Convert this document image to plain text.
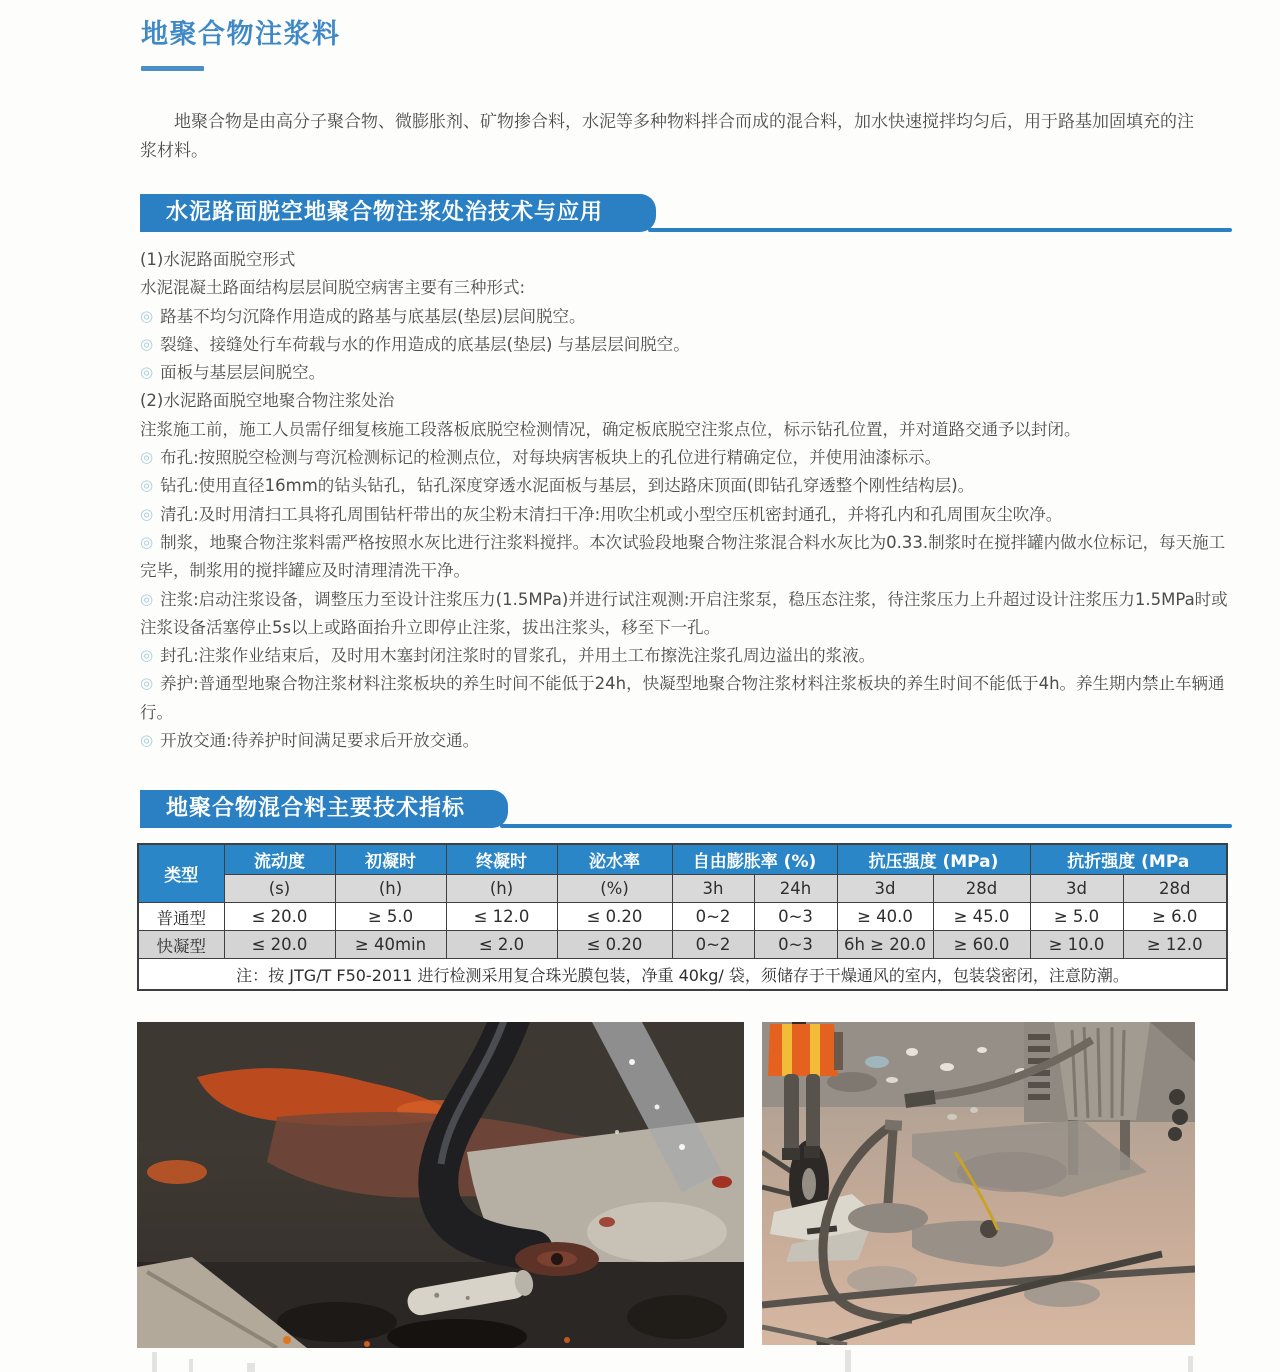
地聚合物注浆料
地聚合物是由高分子聚合物、微膨胀剂、矿物掺合料，水泥等多种物料拌合而成的混合料，加水快速搅拌均匀后，用于路基加固填充的注浆材料。
水泥路面脱空地聚合物注浆处治技术与应用
(1)水泥路面脱空形式
水泥混凝土路面结构层层间脱空病害主要有三种形式:
◎ 路基不均匀沉降作用造成的路基与底基层(垫层)层间脱空。
◎ 裂缝、接缝处行车荷载与水的作用造成的底基层(垫层) 与基层层间脱空。
◎ 面板与基层层间脱空。
(2)水泥路面脱空地聚合物注浆处治
注浆施工前，施工人员需仔细复核施工段落板底脱空检测情况，确定板底脱空注浆点位，标示钻孔位置，并对道路交通予以封闭。
◎ 布孔:按照脱空检测与弯沉检测标记的检测点位，对每块病害板块上的孔位进行精确定位，并使用油漆标示。
◎ 钻孔:使用直径16mm的钻头钻孔，钻孔深度穿透水泥面板与基层，到达路床顶面(即钻孔穿透整个刚性结构层)。
◎ 清孔:及时用清扫工具将孔周围钻杆带出的灰尘粉末清扫干净:用吹尘机或小型空压机密封通孔，并将孔内和孔周围灰尘吹净。
◎ 制浆，地聚合物注浆料需严格按照水灰比进行注浆料搅拌。本次试验段地聚合物注浆混合料水灰比为0.33.制浆时在搅拌罐内做水位标记，每天施工完毕，制浆用的搅拌罐应及时清理清洗干净。
◎ 注浆:启动注浆设备，调整压力至设计注浆压力(1.5MPa)并进行试注观测:开启注浆泵，稳压态注浆，待注浆压力上升超过设计注浆压力1.5MPa时或注浆设备活塞停止5s以上或路面抬升立即停止注浆，拔出注浆头，移至下一孔。
◎ 封孔:注浆作业结束后，及时用木塞封闭注浆时的冒浆孔，并用土工布擦洗注浆孔周边溢出的浆液。
◎ 养护:普通型地聚合物注浆材料注浆板块的养生时间不能低于24h，快凝型地聚合物注浆材料注浆板块的养生时间不能低于4h。养生期内禁止车辆通行。
◎ 开放交通:待养护时间满足要求后开放交通。
地聚合物混合料主要技术指标
类型	流动度	初凝时	终凝时	泌水率	自由膨胀率 (%)		抗压强度 (MPa)		抗折强度 (MPa	
	(s)	(h)	(h)	(%)	3h	24h	3d	28d	3d	28d
普通型	≤ 20.0	≥ 5.0	≤ 12.0	≤ 0.20	0~2	0~3	≥ 40.0	≥ 45.0	≥ 5.0	≥ 6.0
快凝型	≤ 20.0	≥ 40min	≤ 2.0	≤ 0.20	0~2	0~3	6h ≥ 20.0	≥ 60.0	≥ 10.0	≥ 12.0
注：按 JTG/T F50-2011 进行检测采用复合珠光膜包装，净重 40kg/ 袋，须储存于干燥通风的室内，包装袋密闭，注意防潮。										
